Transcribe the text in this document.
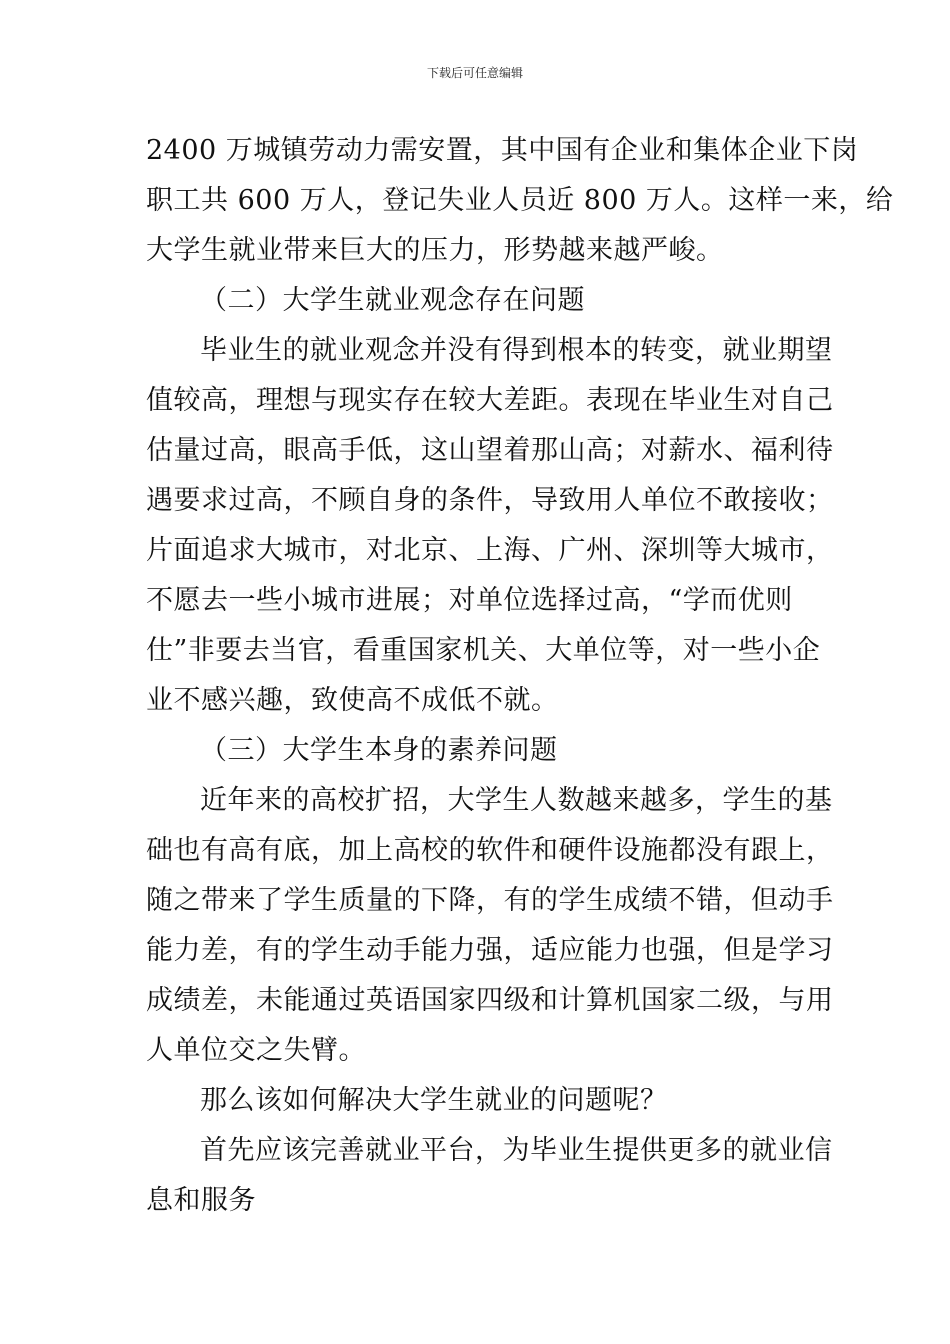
下载后可任意编辑
2400 万城镇劳动力需安置，其中国有企业和集体企业下岗
职工共 600 万人，登记失业人员近 800 万人。这样一来，给
大学生就业带来巨大的压力，形势越来越严峻。
（二）大学生就业观念存在问题
毕业生的就业观念并没有得到根本的转变，就业期望
值较高，理想与现实存在较大差距。表现在毕业生对自己
估量过高，眼高手低，这山望着那山高；对薪水、福利待
遇要求过高，不顾自身的条件，导致用人单位不敢接收；
片面追求大城市，对北京、上海、广州、深圳等大城市，
不愿去一些小城市进展；对单位选择过高，“学而优则
仕”非要去当官，看重国家机关、大单位等，对一些小企
业不感兴趣，致使高不成低不就。
（三）大学生本身的素养问题
近年来的高校扩招，大学生人数越来越多，学生的基
础也有高有底，加上高校的软件和硬件设施都没有跟上，
随之带来了学生质量的下降，有的学生成绩不错，但动手
能力差，有的学生动手能力强，适应能力也强，但是学习
成绩差，未能通过英语国家四级和计算机国家二级，与用
人单位交之失臂。
那么该如何解决大学生就业的问题呢？
首先应该完善就业平台，为毕业生提供更多的就业信
息和服务
